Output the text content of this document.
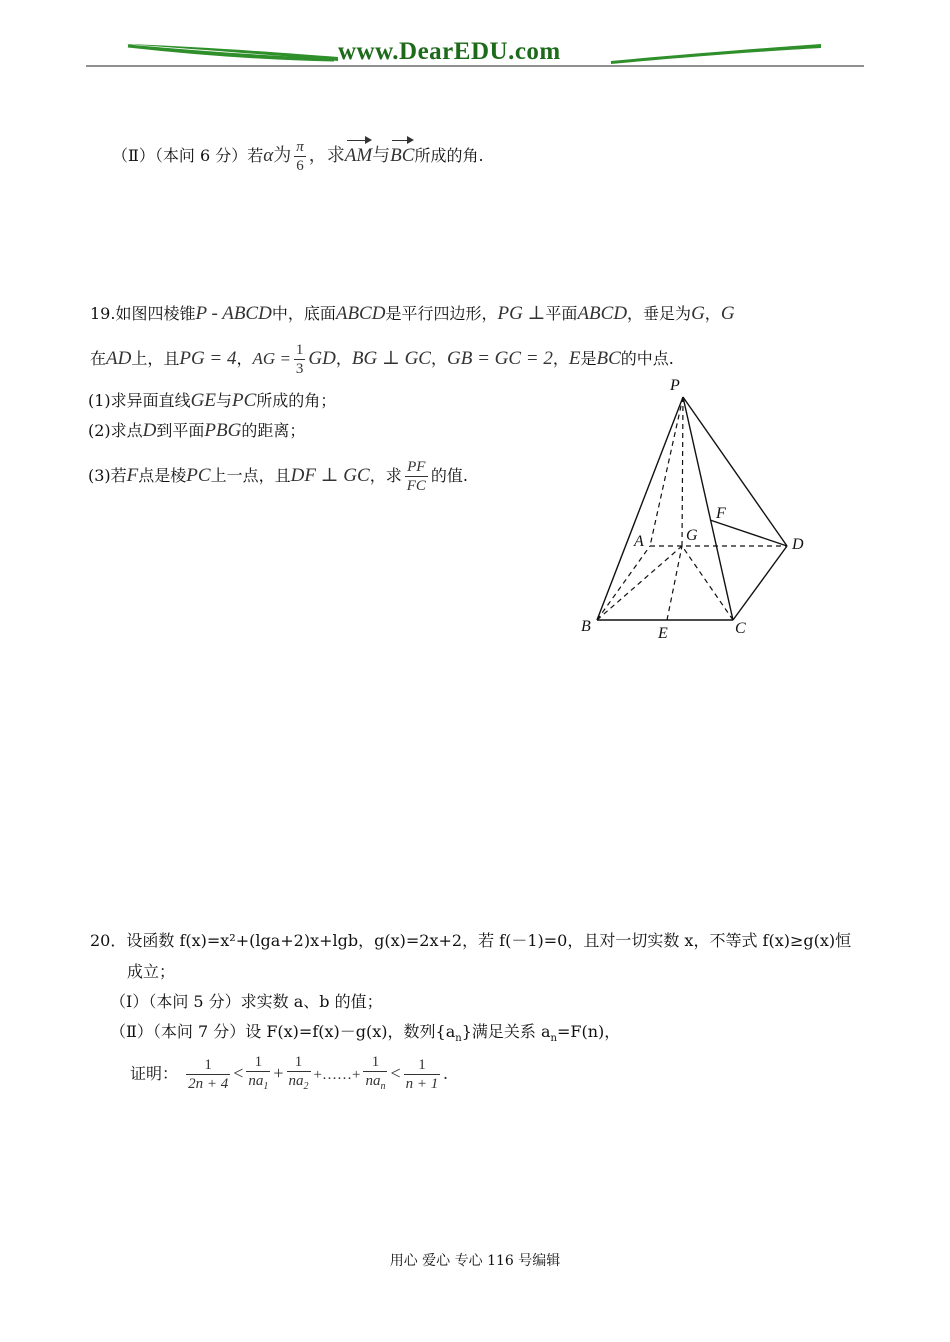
www.DearEDU.com
（Ⅱ）（本问 6 分）若α为 $\frac{\pi}{6}$ ，求AM与BC所成的角.
19.如图四棱锥P - ABCD中，底面ABCD是平行四边形，PG ⊥平面ABCD，垂足为G，G
在AD上，且PG = 4，AG = $\frac{1}{3}$ GD，BG ⊥ GC，GB = GC = 2，E是BC的中点.
(1)求异面直线GE与PC所成的角；
(2)求点D到平面PBG的距离；
(3)若F点是棱PC上一点，且DF ⊥ GC，求 $\frac{PF}{FC}$ 的值.
P
A	G
F
D
B	E	C
20．设函数 f(x)=x²+(lga+2)x+lgb，g(x)=2x+2，若 f(－1)=0，且对一切实数 x，不等式 f(x)≥g(x)恒
成立；
（Ⅰ）（本问 5 分）求实数 a、b 的值；
（Ⅱ）（本问 7 分）设 F(x)=f(x)－g(x)，数列$\{a_n\}$满足关系 $a_n=F(n)$，
证明： $\frac{1}{2n + 4} < \frac{1}{na_1} + \frac{1}{na_2}$ +……+ $\frac{1}{na_n} < \frac{1}{n + 1}$ .
用心 爱心 专心 116 号编辑
